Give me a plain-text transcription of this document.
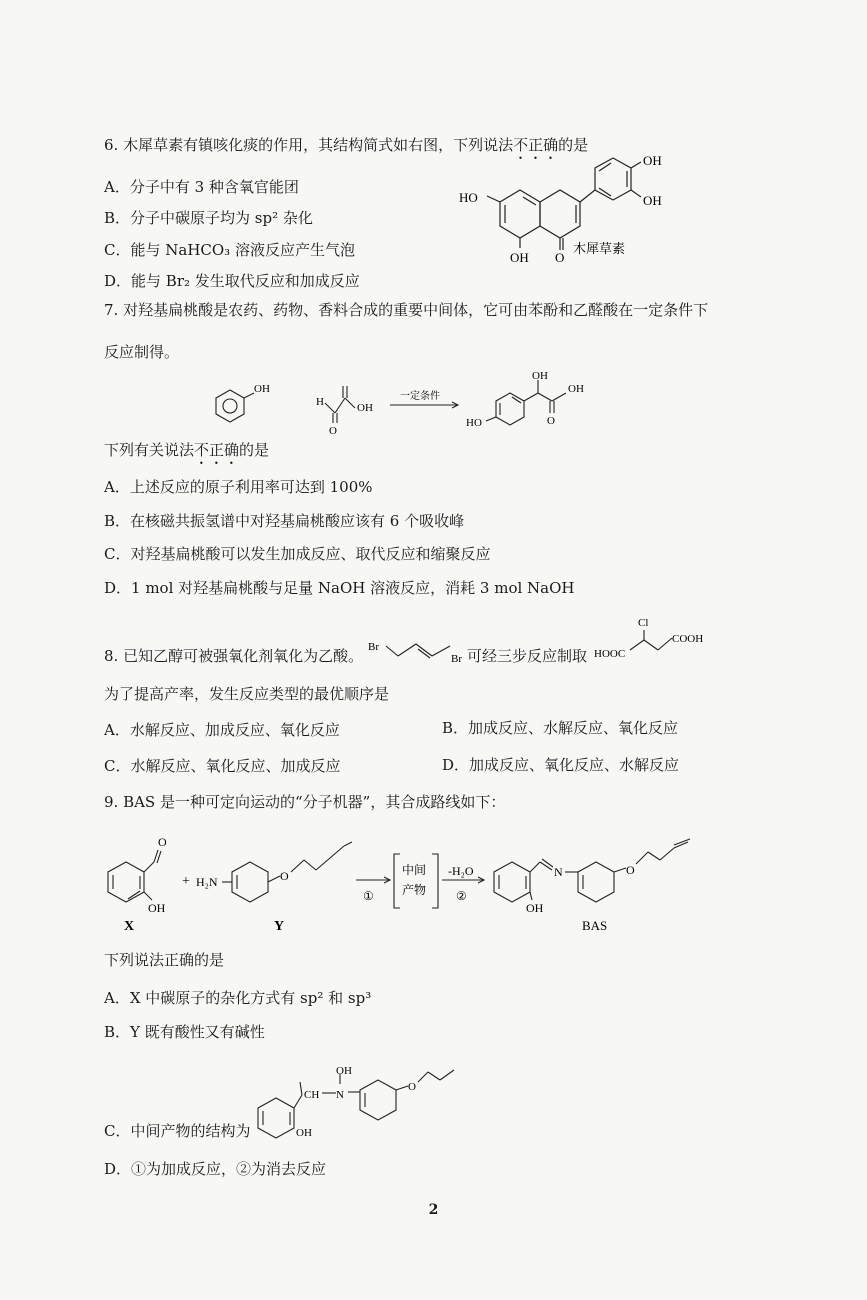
6. 木犀草素有镇咳化痰的作用，其结构简式如右图，下列说法不正确的是
A．分子中有 3 种含氧官能团
B．分子中碳原子均为 sp² 杂化
C．能与 NaHCO₃ 溶液反应产生气泡
D．能与 Br₂ 发生取代反应和加成反应
OH
OH
HO
OH O
木犀草素
7. 对羟基扁桃酸是农药、药物、香料合成的重要中间体，它可由苯酚和乙醛酸在一定条件下
反应制得。
OH
H	OH
O
一定条件
OH
HO
OH
O
下列有关说法不正确的是
A．上述反应的原子利用率可达到 100%
B．在核磁共振氢谱中对羟基扁桃酸应该有 6 个吸收峰
C．对羟基扁桃酸可以发生加成反应、取代反应和缩聚反应
D．1 mol 对羟基扁桃酸与足量 NaOH 溶液反应，消耗 3 mol NaOH
8. 已知乙醇可被强氧化剂氧化为乙酸。 Br
Br 可经三步反应制取 HOOC
Cl
COOH
为了提高产率，发生反应类型的最优顺序是
A．水解反应、加成反应、氧化反应	B．加成反应、水解反应、氧化反应
C．水解反应、氧化反应、加成反应	D．加成反应、氧化反应、水解反应
9. BAS 是一种可定向运动的“分子机器”，其合成路线如下：
OH
O
X
+ H₂N	O
Y
①
中间
产物
-H₂O
②
N
OH
O
BAS
下列说法正确的是
A．X 中碳原子的杂化方式有 sp² 和 sp³
B．Y 既有酸性又有碱性
C．中间产物的结构为
OH
N
CH
O
OH
D．①为加成反应，②为消去反应
2
